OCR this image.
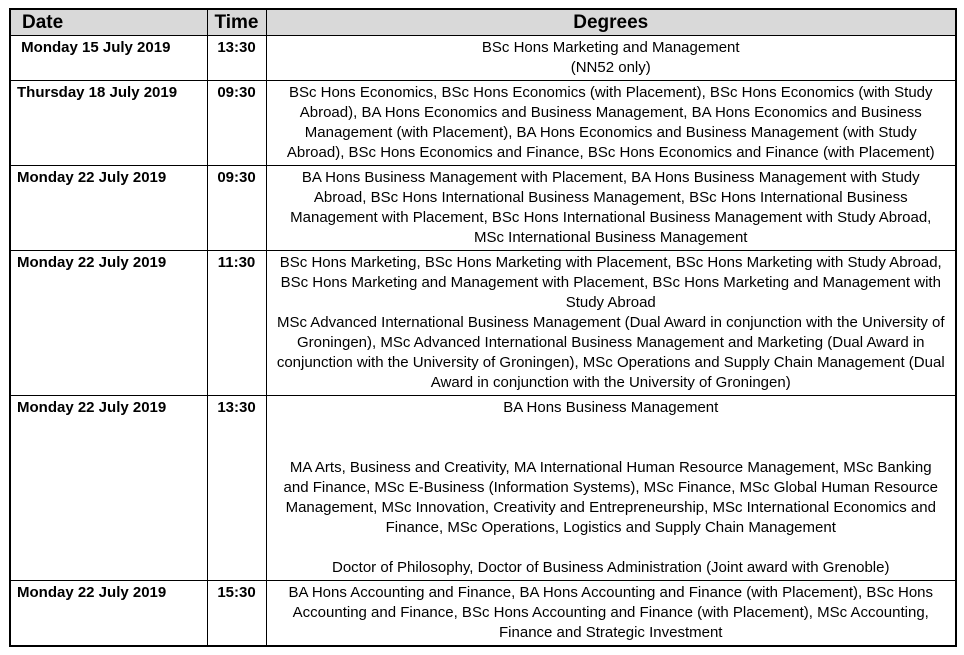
Date	Time	Degrees
Monday 15 July 2019	13:30	BSc Hons Marketing and Management

(NN52 only)

Thursday 18 July 2019	09:30	BSc Hons Economics, BSc Hons Economics (with Placement), BSc Hons Economics (with Study Abroad), BA Hons Economics and Business Management, BA Hons Economics and Business Management (with Placement), BA Hons Economics and Business Management (with Study Abroad), BSc Hons Economics and Finance, BSc Hons Economics and Finance (with Placement)

Monday 22 July 2019	09:30	BA Hons Business Management with Placement, BA Hons Business Management with Study Abroad, BSc Hons International Business Management, BSc Hons International Business Management with Placement, BSc Hons International Business Management with Study Abroad, MSc International Business Management

Monday 22 July 2019	11:30	BSc Hons Marketing, BSc Hons Marketing with Placement, BSc Hons Marketing with Study Abroad, BSc Hons Marketing and Management with Placement, BSc Hons Marketing and Management with Study Abroad

MSc Advanced International Business Management (Dual Award in conjunction with the University of Groningen), MSc Advanced International Business Management and Marketing (Dual Award in conjunction with the University of Groningen), MSc Operations and Supply Chain Management (Dual Award in conjunction with the University of Groningen)

Monday 22 July 2019	13:30	BA Hons Business Management

MA Arts, Business and Creativity, MA International Human Resource Management, MSc Banking and Finance, MSc E-Business (Information Systems), MSc Finance, MSc Global Human Resource Management, MSc Innovation, Creativity and Entrepreneurship, MSc International Economics and Finance, MSc Operations, Logistics and Supply Chain Management

Doctor of Philosophy, Doctor of Business Administration (Joint award with Grenoble)

Monday 22 July 2019	15:30	BA Hons Accounting and Finance, BA Hons Accounting and Finance (with Placement), BSc Hons Accounting and Finance, BSc Hons Accounting and Finance (with Placement), MSc Accounting, Finance and Strategic Investment
